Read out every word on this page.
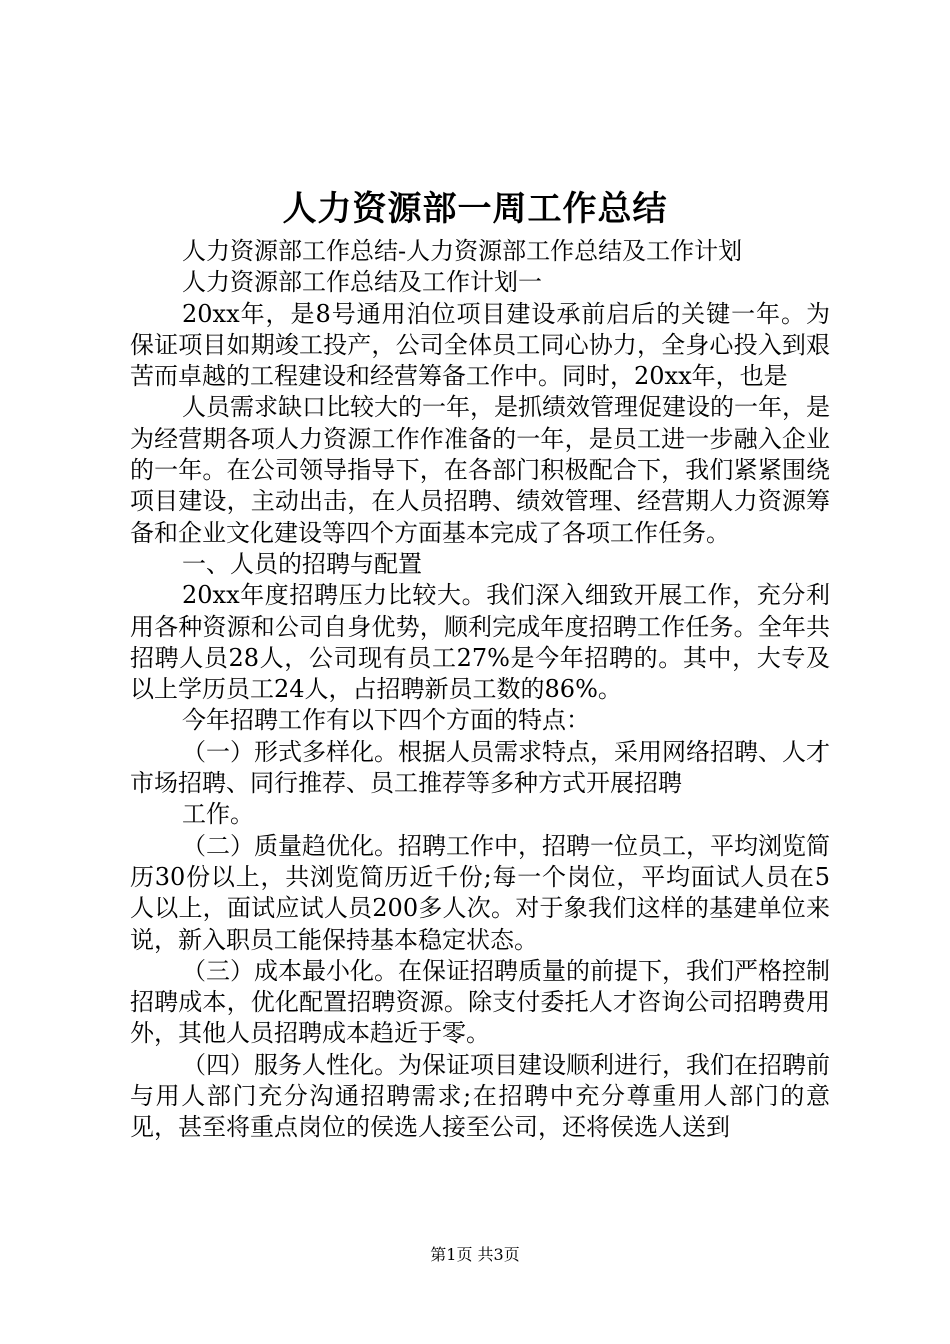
人力资源部一周工作总结

人力资源部工作总结-人力资源部工作总结及工作计划

人力资源部工作总结及工作计划一

20xx年，是8号通用泊位项目建设承前启后的关键一年。为保证项目如期竣工投产，公司全体员工同心协力，全身心投入到艰苦而卓越的工程建设和经营筹备工作中。同时，20xx年，也是

人员需求缺口比较大的一年，是抓绩效管理促建设的一年，是为经营期各项人力资源工作作准备的一年，是员工进一步融入企业的一年。在公司领导指导下，在各部门积极配合下，我们紧紧围绕项目建设，主动出击，在人员招聘、绩效管理、经营期人力资源筹备和企业文化建设等四个方面基本完成了各项工作任务。

一、人员的招聘与配置

20xx年度招聘压力比较大。我们深入细致开展工作，充分利用各种资源和公司自身优势，顺利完成年度招聘工作任务。全年共招聘人员28人，公司现有员工27%是今年招聘的。其中，大专及以上学历员工24人，占招聘新员工数的86%。

今年招聘工作有以下四个方面的特点：

（一）形式多样化。根据人员需求特点，采用网络招聘、人才市场招聘、同行推荐、员工推荐等多种方式开展招聘

工作。

（二）质量趋优化。招聘工作中，招聘一位员工，平均浏览简历30份以上，共浏览简历近千份;每一个岗位，平均面试人员在5人以上，面试应试人员200多人次。对于象我们这样的基建单位来说，新入职员工能保持基本稳定状态。

（三）成本最小化。在保证招聘质量的前提下，我们严格控制招聘成本，优化配置招聘资源。除支付委托人才咨询公司招聘费用外，其他人员招聘成本趋近于零。

（四）服务人性化。为保证项目建设顺利进行，我们在招聘前与用人部门充分沟通招聘需求;在招聘中充分尊重用人部门的意见，甚至将重点岗位的侯选人接至公司，还将侯选人送到

第1页 共3页
